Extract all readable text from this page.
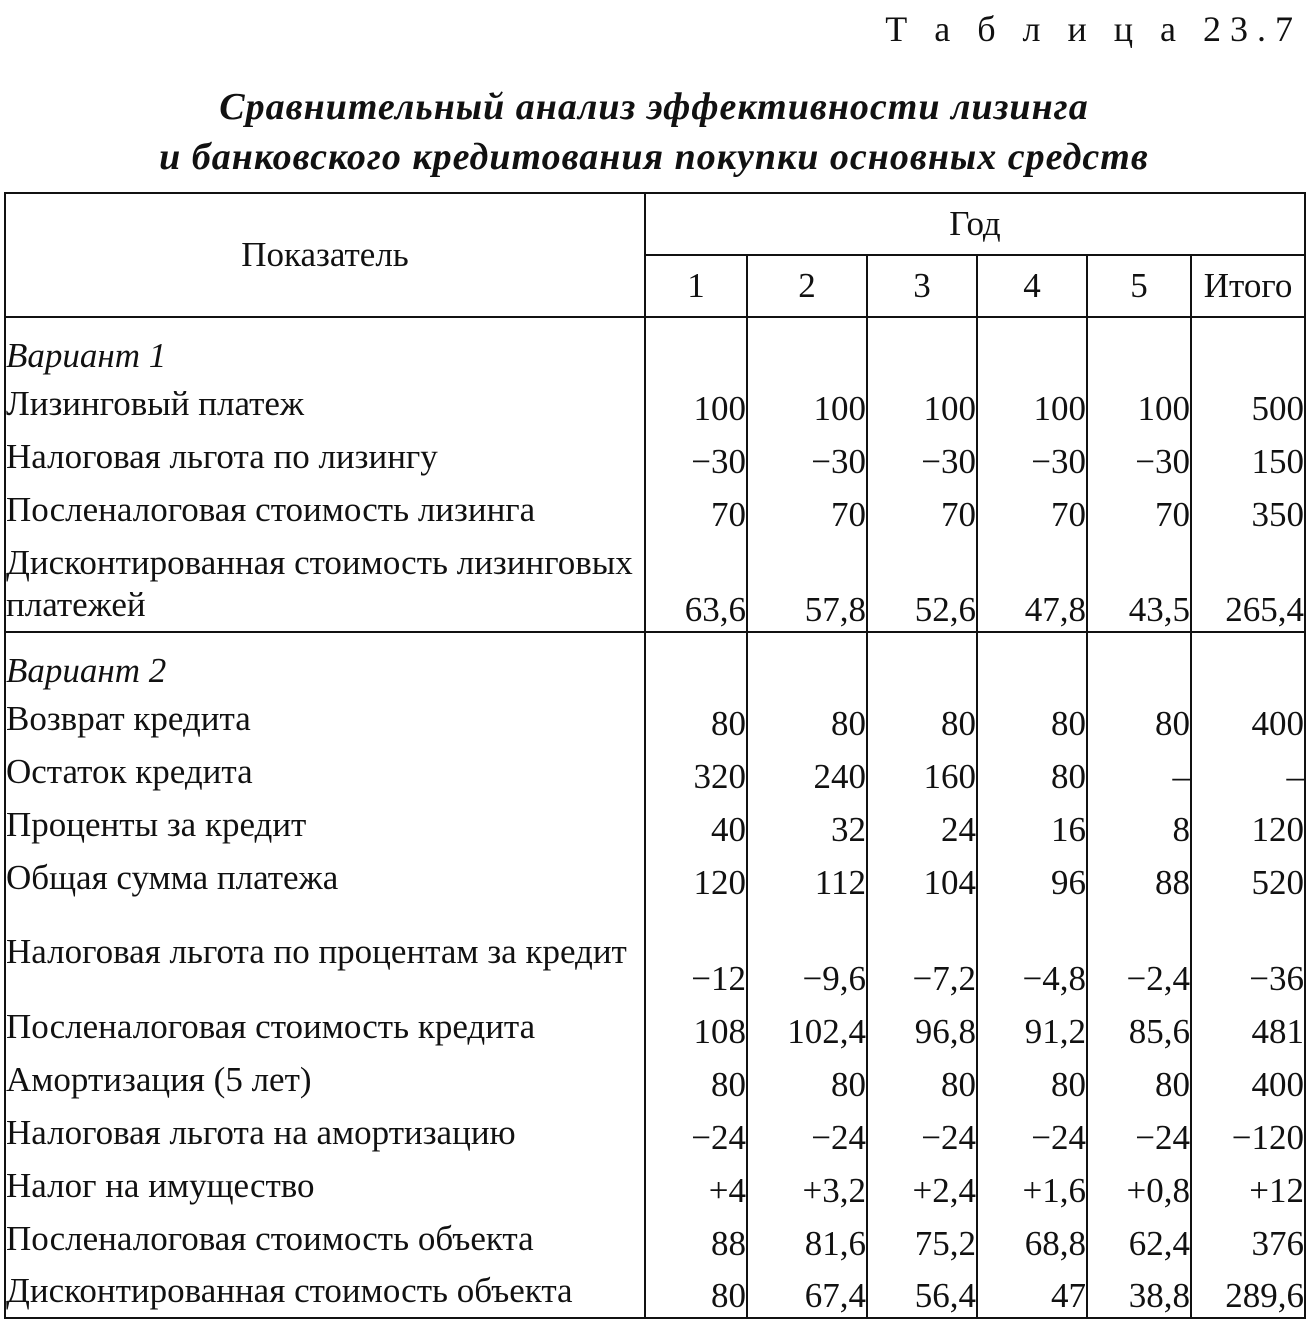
Т а б л и ц а 23.7
Сравнительный анализ эффективности лизинга
и банковского кредитования покупки основных средств
Показатель	Год					
	1	2	3	4	5	Итого
Вариант 1						
Лизинговый платеж	100	100	100	100	100	500
Налоговая льгота по лизингу	−30	−30	−30	−30	−30	150
Посленалоговая стоимость лизинга	70	70	70	70	70	350
Дисконтированная стоимость лизинговых платежей	63,6	57,8	52,6	47,8	43,5	265,4
Вариант 2						
Возврат кредита	80	80	80	80	80	400
Остаток кредита	320	240	160	80	–	–
Проценты за кредит	40	32	24	16	8	120
Общая сумма платежа	120	112	104	96	88	520
Налоговая льгота по процентам за кредит	−12	−9,6	−7,2	−4,8	−2,4	−36
Посленалоговая стоимость кредита	108	102,4	96,8	91,2	85,6	481
Амортизация (5 лет)	80	80	80	80	80	400
Налоговая льгота на амортизацию	−24	−24	−24	−24	−24	−120
Налог на имущество	+4	+3,2	+2,4	+1,6	+0,8	+12
Посленалоговая стоимость объекта	88	81,6	75,2	68,8	62,4	376
Дисконтированная стоимость объекта	80	67,4	56,4	47	38,8	289,6
